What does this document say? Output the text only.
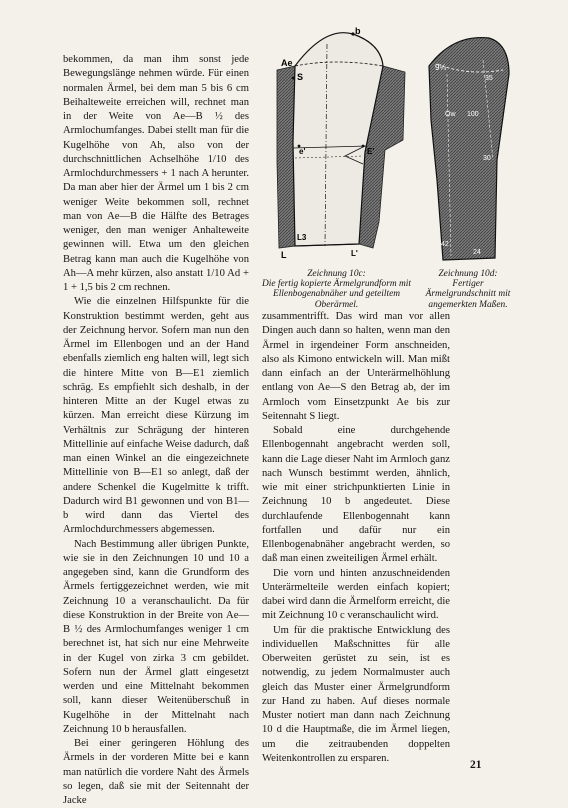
bekommen, da man ihm sonst jede Bewegungslänge nehmen würde. Für einen normalen Ärmel, bei dem man 5 bis 6 cm Beihalteweite erreichen will, rechnet man in der Weite von Ae—B ½ des Armlochumfanges. Dabei stellt man für die Kugelhöhe von Ah, also von der durchschnittlichen Achselhöhe 1/10 des Armlochdurchmessers + 1 nach A herunter. Da man aber hier der Ärmel um 1 bis 2 cm weniger Weite bekommen soll, rechnet man von Ae—B die Hälfte des Betrages weniger, den man weniger Anhalteweite gewinnen will. Etwa um den gleichen Betrag kann man auch die Kugelhöhe von Ah—A mehr kürzen, also anstatt 1/10 Ad + 1 + 1,5 bis 2 cm rechnen.

Wie die einzelnen Hilfspunkte für die Konstruktion bestimmt werden, geht aus der Zeichnung hervor. Sofern man nun den Ärmel im Ellenbogen und an der Hand ebenfalls ziemlich eng halten will, legt sich die hintere Mitte von B—E1 ziemlich schräg. Es empfiehlt sich deshalb, in der hinteren Mitte an der Kugel etwas zu kürzen. Man erreicht diese Kürzung im Verhältnis zur Schrägung der hinteren Mittellinie auf einfache Weise dadurch, daß man einen Winkel an die eingezeichnete Mittellinie von B—E1 so anlegt, daß der andere Schenkel die Kugelmitte k trifft. Dadurch wird B1 gewonnen und von B1—b wird dann das Viertel des Armlochdurchmessers abgemessen.

Nach Bestimmung aller übrigen Punkte, wie sie in den Zeichnungen 10 und 10 a angegeben sind, kann die Grundform des Ärmels fertiggezeichnet werden, wie mit Zeichnung 10 a veranschaulicht. Da für diese Konstruktion in der Breite von Ae—B ½ des Armlochumfanges weniger 1 cm berechnet ist, hat sich nur eine Mehrweite in der Kugel von zirka 3 cm gebildet. Sofern nun der Ärmel glatt eingesetzt werden und eine Mittelnaht bekommen soll, kann dieser Weitenüberschuß in Kugelhöhe in der Mittelnaht nach Zeichnung 10 b herausfallen.

Bei einer geringeren Höhlung des Ärmels in der vorderen Mitte bei e kann man natürlich die vordere Naht des Ärmels so legen, daß sie mit der Seitennaht der Jacke

b
Ae
S
e'	E'
L3
L	L'
9¼
35
Ow 100
30
42
24
Zeichnung 10c:
Die fertig kopierte Ärmelgrundform mit Ellenbogenabnäher und geteiltem Oberärmel.
Zeichnung 10d:
Fertiger Ärmelgrundschnitt mit angemerkten Maßen.

zusammentrifft. Das wird man vor allen Dingen auch dann so halten, wenn man den Ärmel in irgendeiner Form anschneiden, also als Kimono entwickeln will. Man mißt dann einfach an der Unterärmelhöhlung entlang von Ae—S den Betrag ab, der im Armloch vom Einsetzpunkt Ae bis zur Seitennaht S liegt.

Sobald eine durchgehende Ellenbogennaht angebracht werden soll, kann die Lage dieser Naht im Armloch ganz nach Wunsch bestimmt werden, ähnlich, wie mit einer strichpunktierten Linie in Zeichnung 10 b angedeutet. Diese durchlaufende Ellenbogennaht kann fortfallen und dafür nur ein Ellenbogenabnäher angebracht werden, so daß man einen zweiteiligen Ärmel erhält.

Die vorn und hinten anzuschneidenden Unterärmelteile werden einfach kopiert; dabei wird dann die Ärmelform erreicht, die mit Zeichnung 10 c veranschaulicht wird.

Um für die praktische Entwicklung des individuellen Maßschnittes für alle Oberweiten gerüstet zu sein, ist es notwendig, zu jedem Normalmuster auch gleich das Muster einer Ärmelgrundform zur Hand zu haben. Auf dieses normale Muster notiert man dann nach Zeichnung 10 d die Hauptmaße, die im Ärmel liegen, um die zeitraubenden doppelten Weitenkontrollen zu ersparen.

21
